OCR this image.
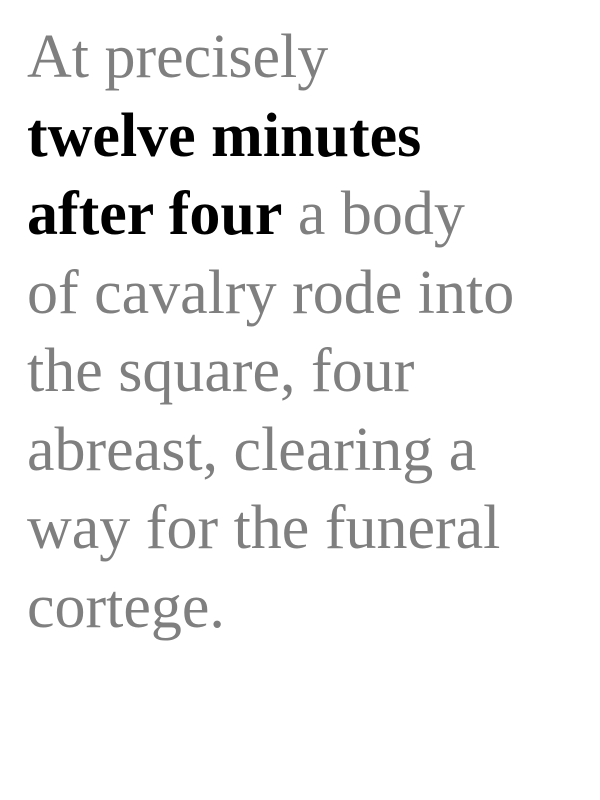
At precisely
twelve minutes
after four a body
of cavalry rode into
the square, four
abreast, clearing a
way for the funeral
cortege.
